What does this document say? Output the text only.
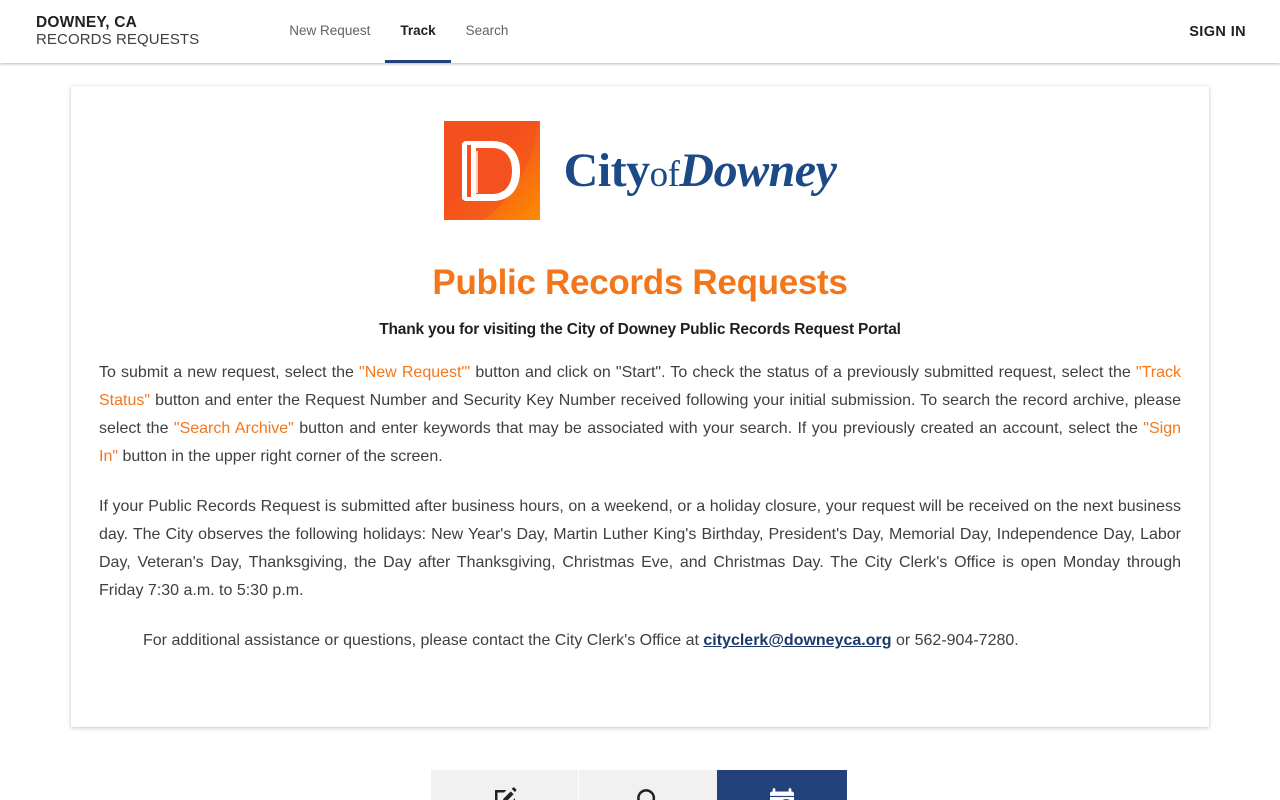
DOWNEY, CA
RECORDS REQUESTS
New Request	Track	Search	SIGN IN
CityofDowney
Public Records Requests
Thank you for visiting the City of Downey Public Records Request Portal

To submit a new request, select the "New Request"' button and click on "Start". To check the status of a previously submitted request, select the "Track Status" button and enter the Request Number and Security Key Number received following your initial submission. To search the record archive, please select the "Search Archive" button and enter keywords that may be associated with your search. If you previously created an account, select the "Sign In" button in the upper right corner of the screen.

If your Public Records Request is submitted after business hours, on a weekend, or a holiday closure, your request will be received on the next business day. The City observes the following holidays: New Year's Day, Martin Luther King's Birthday, President's Day, Memorial Day, Independence Day, Labor Day, Veteran's Day, Thanksgiving, the Day after Thanksgiving, Christmas Eve, and Christmas Day. The City Clerk's Office is open Monday through Friday 7:30 a.m. to 5:30 p.m.

For additional assistance or questions, please contact the City Clerk's Office at cityclerk@downeyca.org or 562-904-7280.
